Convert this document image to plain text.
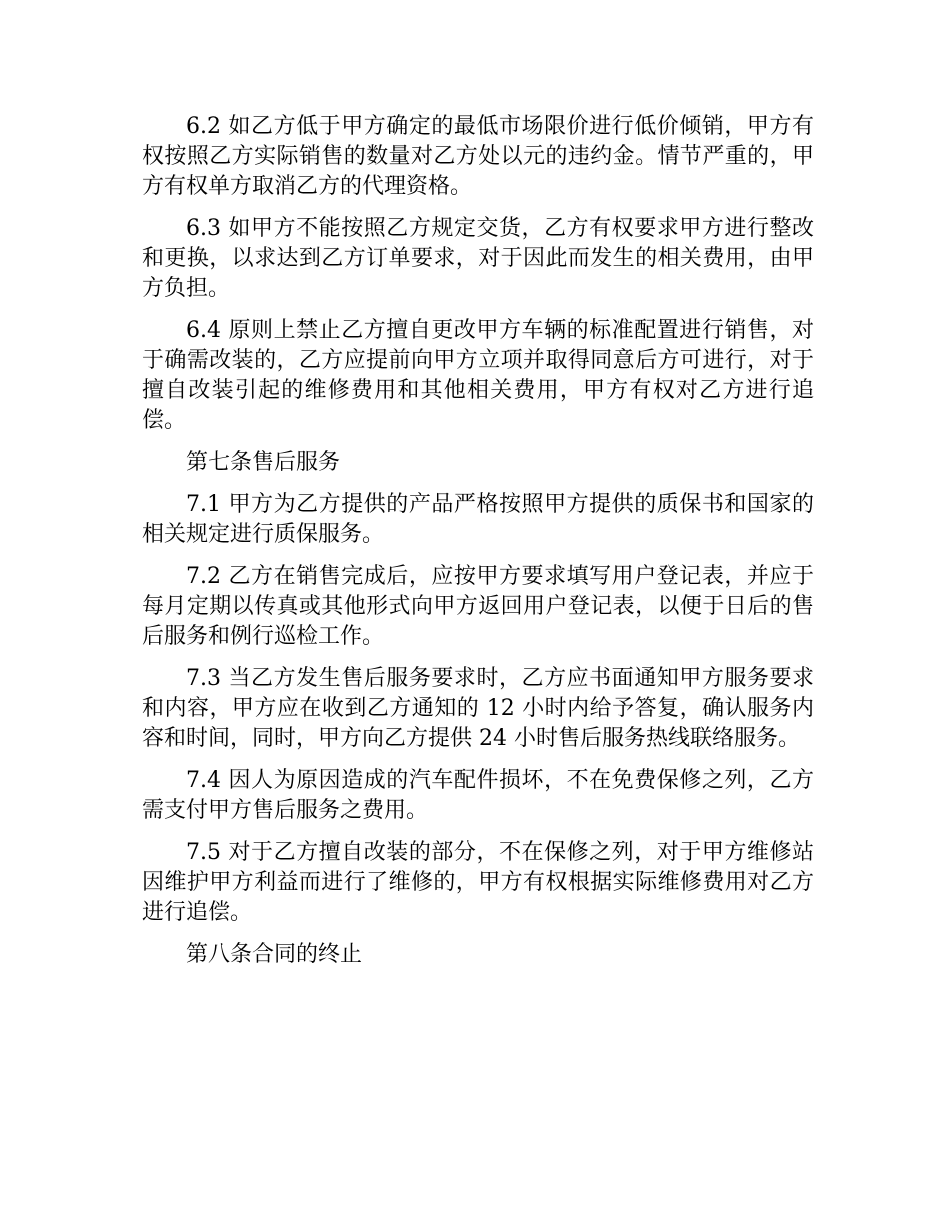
6.2 如乙方低于甲方确定的最低市场限价进行低价倾销，甲方有权按照乙方实际销售的数量对乙方处以元的违约金。情节严重的，甲方有权单方取消乙方的代理资格。

6.3 如甲方不能按照乙方规定交货，乙方有权要求甲方进行整改和更换，以求达到乙方订单要求，对于因此而发生的相关费用，由甲方负担。

6.4 原则上禁止乙方擅自更改甲方车辆的标准配置进行销售，对于确需改装的，乙方应提前向甲方立项并取得同意后方可进行，对于擅自改装引起的维修费用和其他相关费用，甲方有权对乙方进行追偿。

第七条售后服务

7.1 甲方为乙方提供的产品严格按照甲方提供的质保书和国家的相关规定进行质保服务。

7.2 乙方在销售完成后，应按甲方要求填写用户登记表，并应于每月定期以传真或其他形式向甲方返回用户登记表，以便于日后的售后服务和例行巡检工作。

7.3 当乙方发生售后服务要求时，乙方应书面通知甲方服务要求和内容，甲方应在收到乙方通知的 12 小时内给予答复，确认服务内容和时间，同时，甲方向乙方提供 24 小时售后服务热线联络服务。

7.4 因人为原因造成的汽车配件损坏，不在免费保修之列，乙方需支付甲方售后服务之费用。

7.5 对于乙方擅自改装的部分，不在保修之列，对于甲方维修站因维护甲方利益而进行了维修的，甲方有权根据实际维修费用对乙方进行追偿。

第八条合同的终止
